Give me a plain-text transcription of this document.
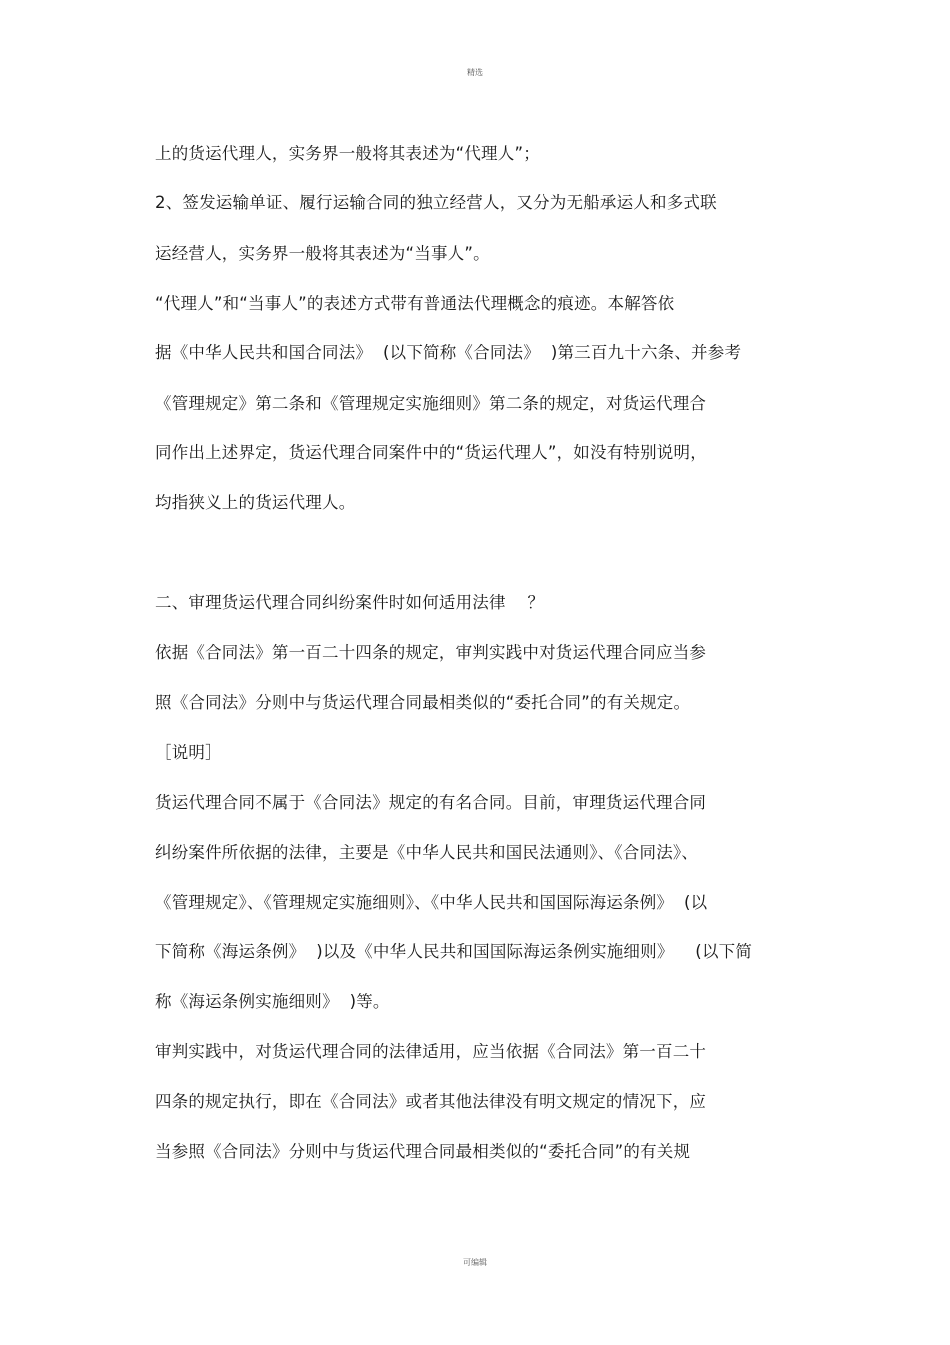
精选
上的货运代理人，实务界一般将其表述为“代理人”；
2、签发运输单证、履行运输合同的独立经营人，又分为无船承运人和多式联
运经营人，实务界一般将其表述为“当事人”。
“代理人”和“当事人”的表述方式带有普通法代理概念的痕迹。本解答依
据《中华人民共和国合同法》  (以下简称《合同法》  )第三百九十六条、并参考
《管理规定》第二条和《管理规定实施细则》第二条的规定，对货运代理合
同作出上述界定，货运代理合同案件中的“货运代理人”，如没有特别说明，
均指狭义上的货运代理人。
二、审理货运代理合同纠纷案件时如何适用法律    ？
依据《合同法》第一百二十四条的规定，审判实践中对货运代理合同应当参
照《合同法》分则中与货运代理合同最相类似的“委托合同”的有关规定。
［说明］
货运代理合同不属于《合同法》规定的有名合同。目前，审理货运代理合同
纠纷案件所依据的法律，主要是《中华人民共和国民法通则》、《合同法》、
《管理规定》、《管理规定实施细则》、《中华人民共和国国际海运条例》  (以
下简称《海运条例》  )以及《中华人民共和国国际海运条例实施细则》    (以下简
称《海运条例实施细则》  )等。
审判实践中，对货运代理合同的法律适用，应当依据《合同法》第一百二十
四条的规定执行，即在《合同法》或者其他法律没有明文规定的情况下，应
当参照《合同法》分则中与货运代理合同最相类似的“委托合同”的有关规
可编辑
